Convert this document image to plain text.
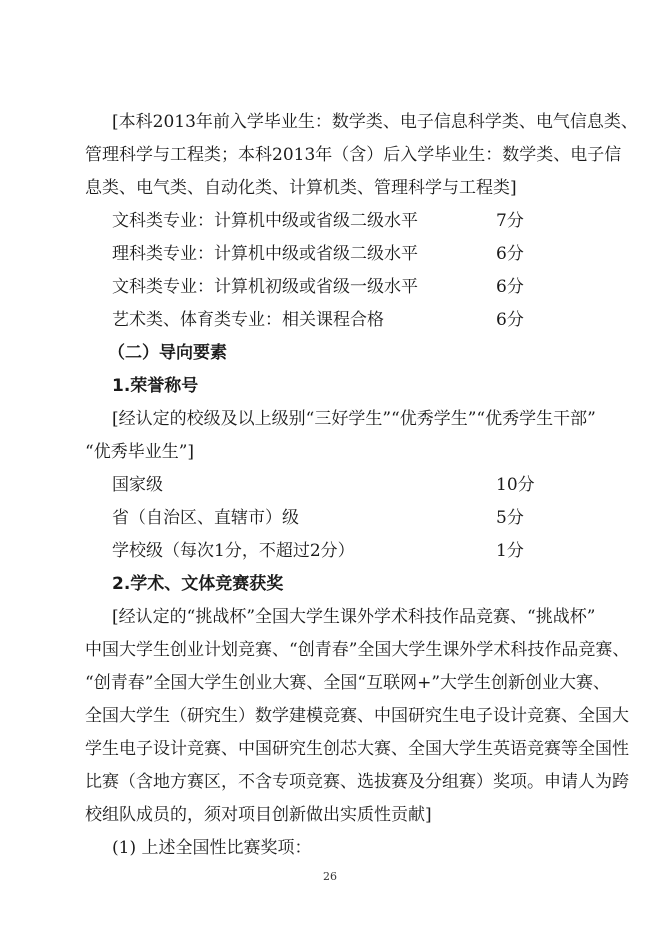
[本科2013年前入学毕业生：数学类、电子信息科学类、电气信息类、
管理科学与工程类；本科2013年（含）后入学毕业生：数学类、电子信
息类、电气类、自动化类、计算机类、管理科学与工程类]
文科类专业：计算机中级或省级二级水平	7分
理科类专业：计算机中级或省级二级水平	6分
文科类专业：计算机初级或省级一级水平	6分
艺术类、体育类专业：相关课程合格	6分
（二）导向要素
1.荣誉称号
[经认定的校级及以上级别“三好学生”“优秀学生”“优秀学生干部”
“优秀毕业生”]
国家级	10分
省（自治区、直辖市）级	5分
学校级（每次1分，不超过2分）	1分
2.学术、文体竞赛获奖
[经认定的“挑战杯”全国大学生课外学术科技作品竞赛、“挑战杯”
中国大学生创业计划竞赛、“创青春”全国大学生课外学术科技作品竞赛、
“创青春”全国大学生创业大赛、全国“互联网+”大学生创新创业大赛、
全国大学生（研究生）数学建模竞赛、中国研究生电子设计竞赛、全国大
学生电子设计竞赛、中国研究生创芯大赛、全国大学生英语竞赛等全国性
比赛（含地方赛区，不含专项竞赛、选拔赛及分组赛）奖项。申请人为跨
校组队成员的，须对项目创新做出实质性贡献]
(1) 上述全国性比赛奖项：
26
